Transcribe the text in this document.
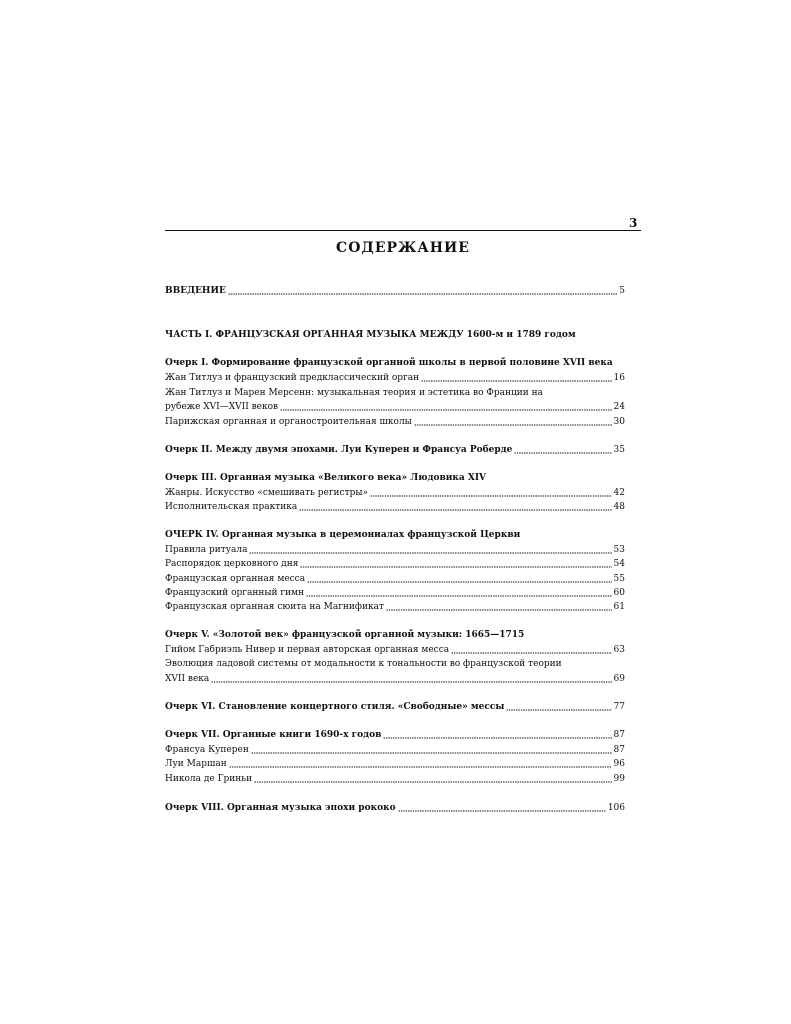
3
СОДЕРЖАНИЕ
ВВЕДЕНИЕ	5
ЧАСТЬ I. ФРАНЦУЗСКАЯ ОРГАННАЯ МУЗЫКА МЕЖДУ 1600-м и 1789 годом
Очерк I. Формирование французской органной школы в первой половине XVII века
Жан Титлуз и французский предклассический орган	16
Жан Титлуз и Марен Мерсенн: музыкальная теория и эстетика во Франции на
рубеже XVI—XVII веков	24
Парижская органная и органостроительная школы	30
Очерк II. Между двумя эпохами. Луи Куперен и Франсуа Роберде	35
Очерк III. Органная музыка «Великого века» Людовика XIV
Жанры. Искусство «смешивать регистры»	42
Исполнительская практика	48
ОЧЕРК IV. Органная музыка в церемониалах французской Церкви
Правила ритуала	53
Распорядок церковного дня	54
Французская органная месса	55
Французский органный гимн	60
Французская органная сюита на Магнификат	61
Очерк V. «Золотой век» французской органной музыки: 1665—1715
Гийом Габриэль Нивер и первая авторская органная месса	63
Эволюция ладовой системы от модальности к тональности во французской теории
XVII века	69
Очерк VI. Становление концертного стиля. «Свободные» мессы	77
Очерк VII. Органные книги 1690-х годов	87
Франсуа Куперен	87
Луи Маршан	96
Никола де Гриньи	99
Очерк VIII. Органная музыка эпохи рококо	106
